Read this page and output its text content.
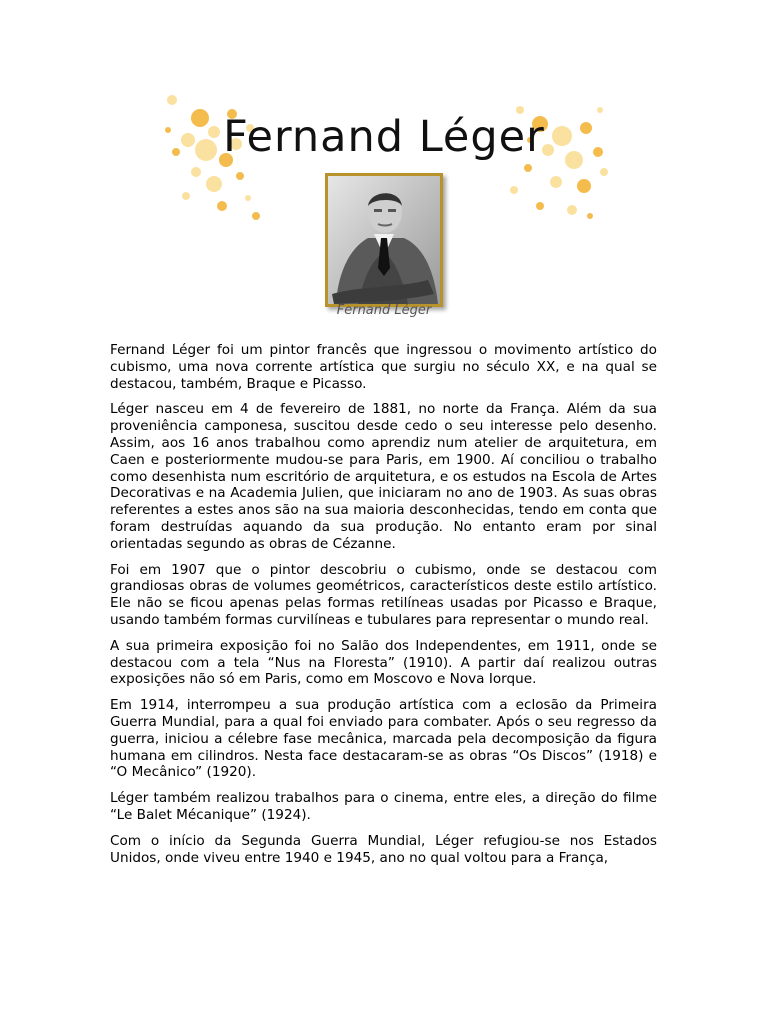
Fernand Léger
Fernand Léger

Fernand Léger foi um pintor francês que ingressou o movimento artístico do cubismo, uma nova corrente artística que surgiu no século XX, e na qual se destacou, também, Braque e Picasso.

Léger nasceu em 4 de fevereiro de 1881, no norte da França. Além da sua proveniência camponesa, suscitou desde cedo o seu interesse pelo desenho. Assim, aos 16 anos trabalhou como aprendiz num atelier de arquitetura, em Caen e posteriormente mudou-se para Paris, em 1900. Aí conciliou o trabalho como desenhista num escritório de arquitetura, e os estudos na Escola de Artes Decorativas e na Academia Julien, que iniciaram no ano de 1903. As suas obras referentes a estes anos são na sua maioria desconhecidas, tendo em conta que foram destruídas aquando da sua produção. No entanto eram por sinal orientadas segundo as obras de Cézanne.

Foi em 1907 que o pintor descobriu o cubismo, onde se destacou com grandiosas obras de volumes geométricos, característicos deste estilo artístico. Ele não se ficou apenas pelas formas retilíneas usadas por Picasso e Braque, usando também formas curvilíneas e tubulares para representar o mundo real.

A sua primeira exposição foi no Salão dos Independentes, em 1911, onde se destacou com a tela “Nus na Floresta” (1910). A partir daí realizou outras exposições não só em Paris, como em Moscovo e Nova Iorque.

Em 1914, interrompeu a sua produção artística com a eclosão da Primeira Guerra Mundial, para a qual foi enviado para combater. Após o seu regresso da guerra, iniciou a célebre fase mecânica, marcada pela decomposição da figura humana em cilindros. Nesta face destacaram-se as obras “Os Discos” (1918) e “O Mecânico” (1920).

Léger também realizou trabalhos para o cinema, entre eles, a direção do filme “Le Balet Mécanique” (1924).

Com o início da Segunda Guerra Mundial, Léger refugiou-se nos Estados Unidos, onde viveu entre 1940 e 1945, ano no qual voltou para a França,
